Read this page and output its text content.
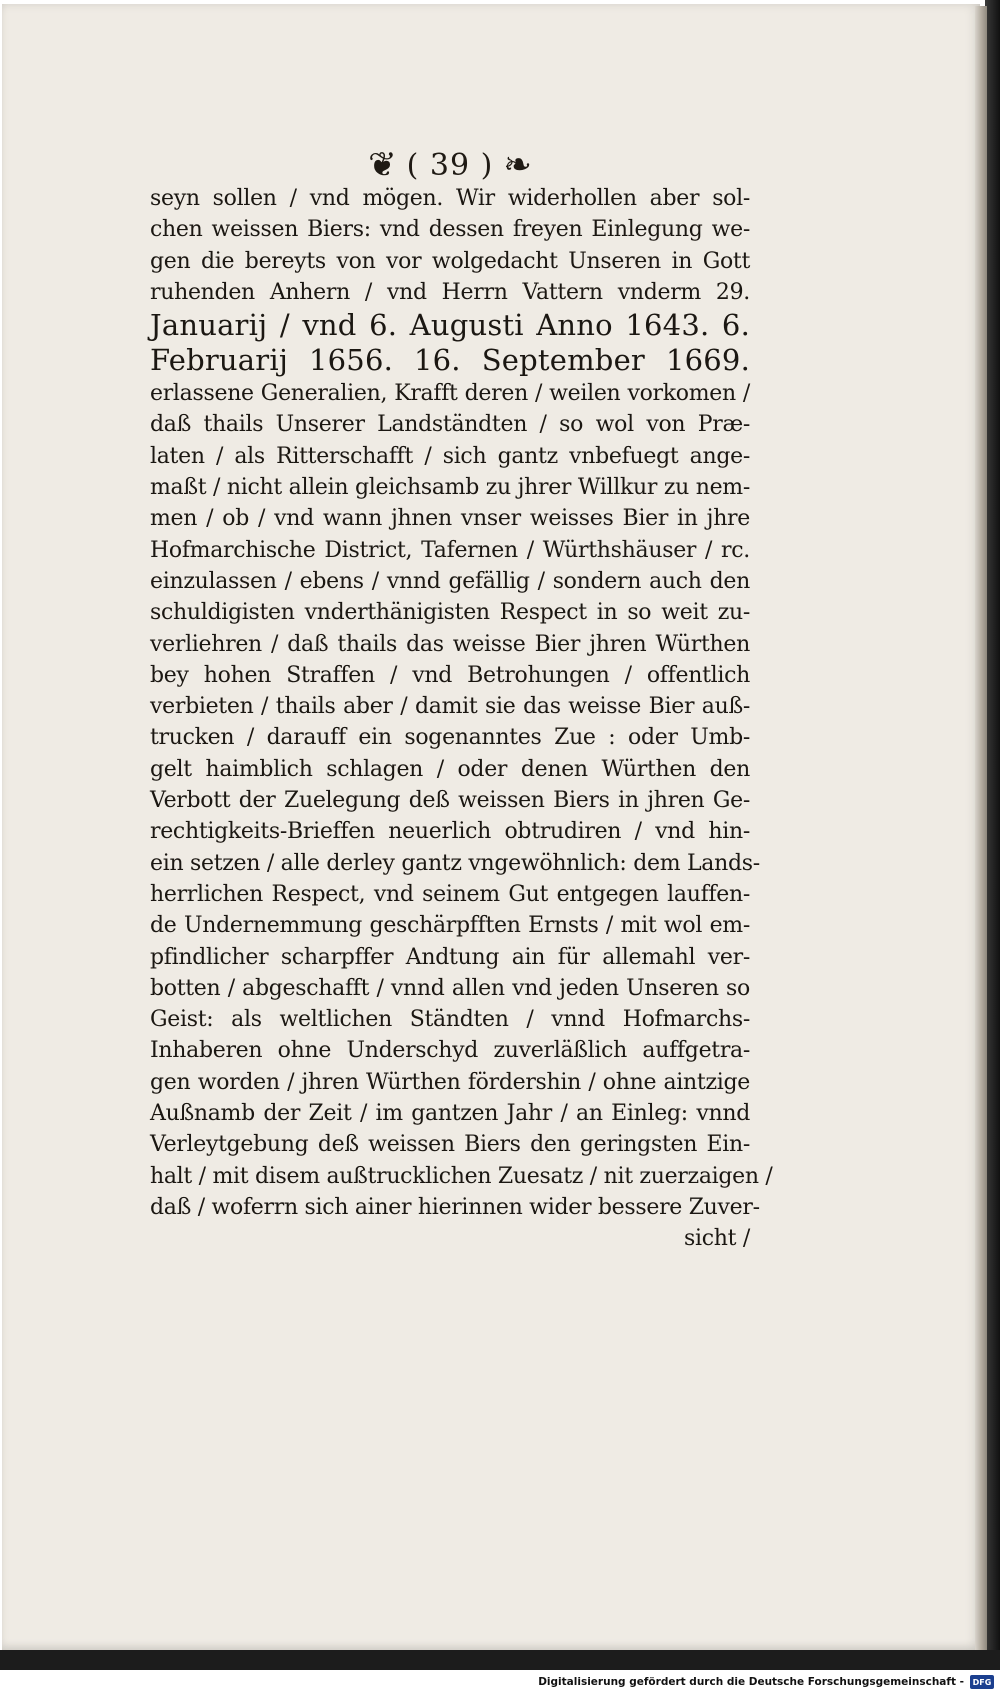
❦ ( 39 ) ❧
seyn sollen / vnd mögen. Wir widerhollen aber sol-
chen weissen Biers: vnd dessen freyen Einlegung we-
gen die bereyts von vor wolgedacht Unseren in Gott
ruhenden Anhern / vnd Herrn Vattern vnderm 29.
Januarij / vnd 6. Augusti Anno 1643. 6.
Februarij 1656. 16. September 1669.
erlassene Generalien, Krafft deren / weilen vorkomen /
daß thails Unserer Landständten / so wol von Præ-
laten / als Ritterschafft / sich gantz vnbefuegt ange-
maßt / nicht allein gleichsamb zu jhrer Willkur zu nem-
men / ob / vnd wann jhnen vnser weisses Bier in jhre
Hofmarchische District, Tafernen / Würthshäuser / rc.
einzulassen / ebens / vnnd gefällig / sondern auch den
schuldigisten vnderthänigisten Respect in so weit zu-
verliehren / daß thails das weisse Bier jhren Würthen
bey hohen Straffen / vnd Betrohungen / offentlich
verbieten / thails aber / damit sie das weisse Bier auß-
trucken / darauff ein sogenanntes Zue : oder Umb-
gelt haimblich schlagen / oder denen Würthen den
Verbott der Zuelegung deß weissen Biers in jhren Ge-
rechtigkeits-Brieffen neuerlich obtrudiren / vnd hin-
ein setzen / alle derley gantz vngewöhnlich: dem Lands-
herrlichen Respect, vnd seinem Gut entgegen lauffen-
de Undernemmung geschärpfften Ernsts / mit wol em-
pfindlicher scharpffer Andtung ain für allemahl ver-
botten / abgeschafft / vnnd allen vnd jeden Unseren so
Geist: als weltlichen Ständten / vnnd Hofmarchs-
Inhaberen ohne Underschyd zuverläßlich auffgetra-
gen worden / jhren Würthen fördershin / ohne aintzige
Außnamb der Zeit / im gantzen Jahr / an Einleg: vnnd
Verleytgebung deß weissen Biers den geringsten Ein-
halt / mit disem außtrucklichen Zuesatz / nit zuerzaigen /
daß / woferrn sich ainer hierinnen wider bessere Zuver-
sicht /
Digitalisierung gefördert durch die Deutsche Forschungsgemeinschaft -	DFG
